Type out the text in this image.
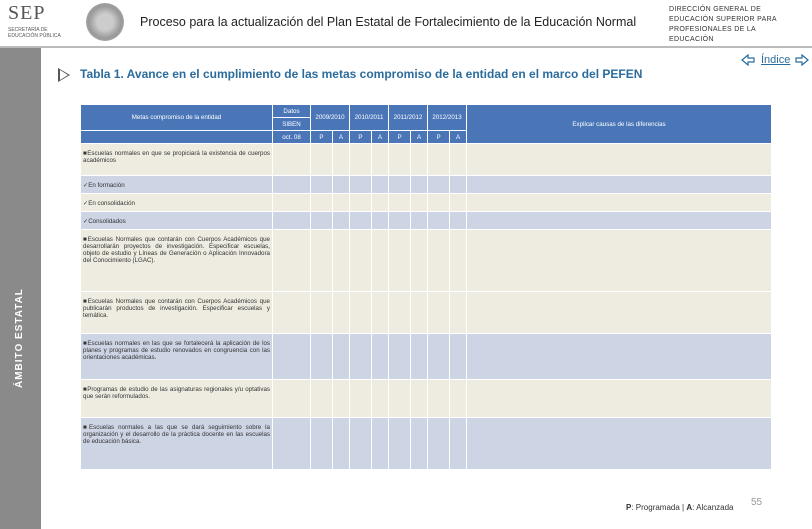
SEP
SECRETARÍA DE EDUCACIÓN PÚBLICA
Proceso para la actualización del Plan Estatal de Fortalecimiento de la Educación Normal
DIRECCIÓN GENERAL DE EDUCACIÓN SUPERIOR PARA PROFESIONALES DE LA EDUCACIÓN
ÁMBITO ESTATAL
Tabla 1. Avance en el cumplimiento de las metas compromiso de la entidad en el marco del PEFEN
Índice
Metas compromiso de la entidad	Datos	2009/2010		2010/2011		2011/2012		2012/2013		Explicar causas de las diferencias
	SIBEN									
	oct. 08	P	A	P	A	P	A	P	A	
■Escuelas normales en que se propiciará la existencia de cuerpos académicos										
✓En formación										
✓En consolidación										
✓Consolidados										
■Escuelas Normales que contarán con Cuerpos Académicos que desarrollarán proyectos de investigación. Especificar escuelas, objeto de estudio y Líneas de Generación o Aplicación Innovadora del Conocimiento (LGAC).										
■Escuelas Normales que contarán con Cuerpos Académicos que publicarán productos de investigación. Especificar escuelas y temática.										
■Escuelas normales en las que se fortalecerá la aplicación de los planes y programas de estudio renovados en congruencia con las orientaciones académicas.										
■Programas de estudio de las asignaturas regionales y/u optativas que serán reformulados.										
■Escuelas normales a las que se dará seguimiento sobre la organización y el desarrollo de la práctica docente en las escuelas de educación básica.										
P: Programada | A: Alcanzada 55
